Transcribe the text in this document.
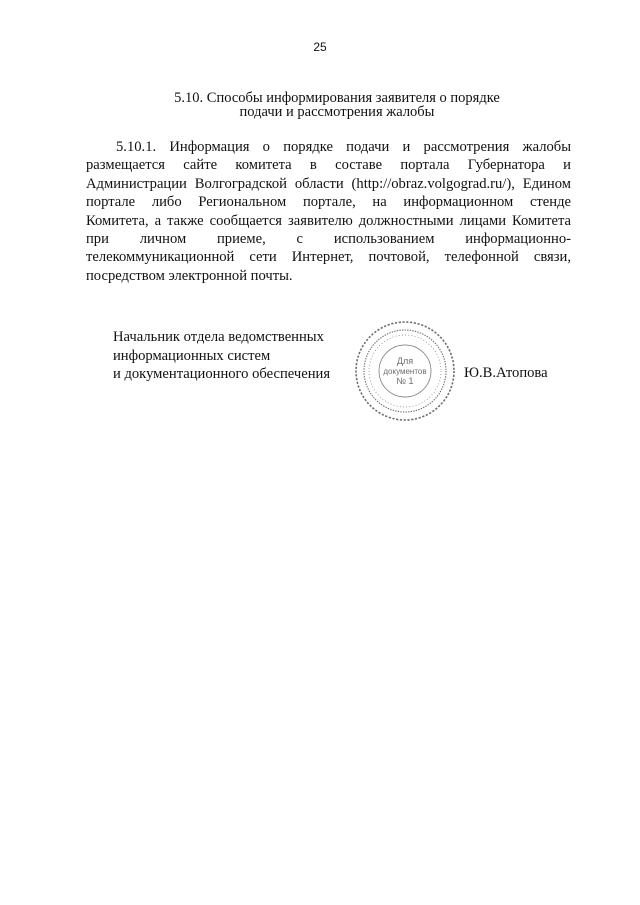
25
5.10. Способы информирования заявителя о порядке
подачи и рассмотрения жалобы

5.10.1. Информация о порядке подачи и рассмотрения жалобы
размещается сайте комитета в составе портала Губернатора и
Администрации Волгоградской области (http://obraz.volgograd.ru/), Едином
портале либо Региональном портале, на информационном стенде
Комитета, а также сообщается заявителю должностными лицами Комитета
при личном приеме, с использованием информационно-
телекоммуникационной сети Интернет, почтовой, телефонной связи,
посредством электронной почты.

Начальник отдела ведомственных
информационных систем
и документационного обеспечения
Для
документов
№ 1	Ю.В.Атопова
